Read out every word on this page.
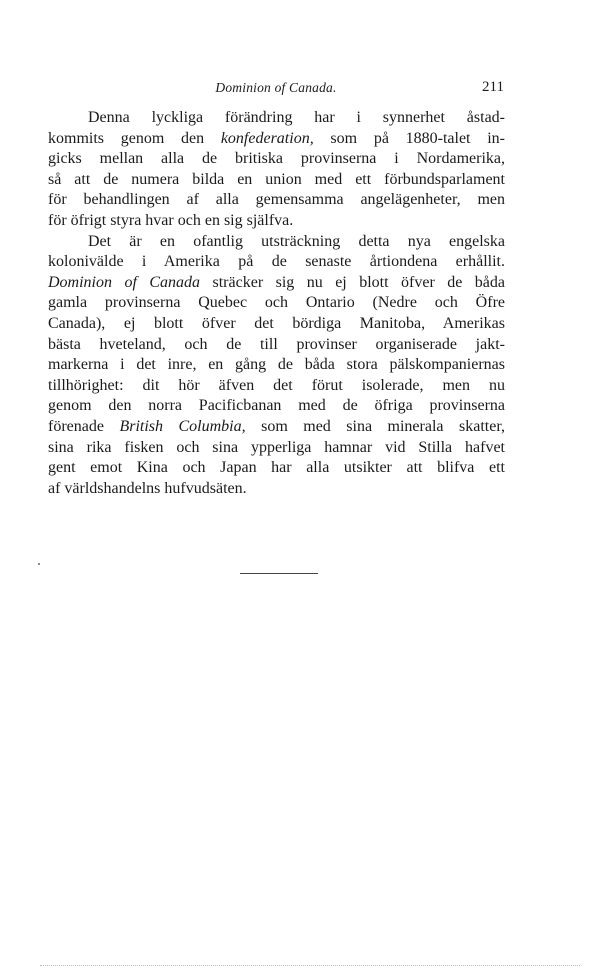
Dominion of Canada.	211
Denna lyckliga förändring har i synnerhet åstad-
kommits genom den konfederation, som på 1880-talet in-
gicks mellan alla de britiska provinserna i Nordamerika,
så att de numera bilda en union med ett förbundsparlament
för behandlingen af alla gemensamma angelägenheter, men
för öfrigt styra hvar och en sig själfva.
Det är en ofantlig utsträckning detta nya engelska
kolonivälde i Amerika på de senaste årtiondena erhållit.
Dominion of Canada sträcker sig nu ej blott öfver de båda
gamla provinserna Quebec och Ontario (Nedre och Öfre
Canada), ej blott öfver det bördiga Manitoba, Amerikas
bästa hveteland, och de till provinser organiserade jakt-
markerna i det inre, en gång de båda stora pälskompaniernas
tillhörighet: dit hör äfven det förut isolerade, men nu
genom den norra Pacificbanan med de öfriga provinserna
förenade British Columbia, som med sina minerala skatter,
sina rika fisken och sina ypperliga hamnar vid Stilla hafvet
gent emot Kina och Japan har alla utsikter att blifva ett
af världshandelns hufvudsäten.
